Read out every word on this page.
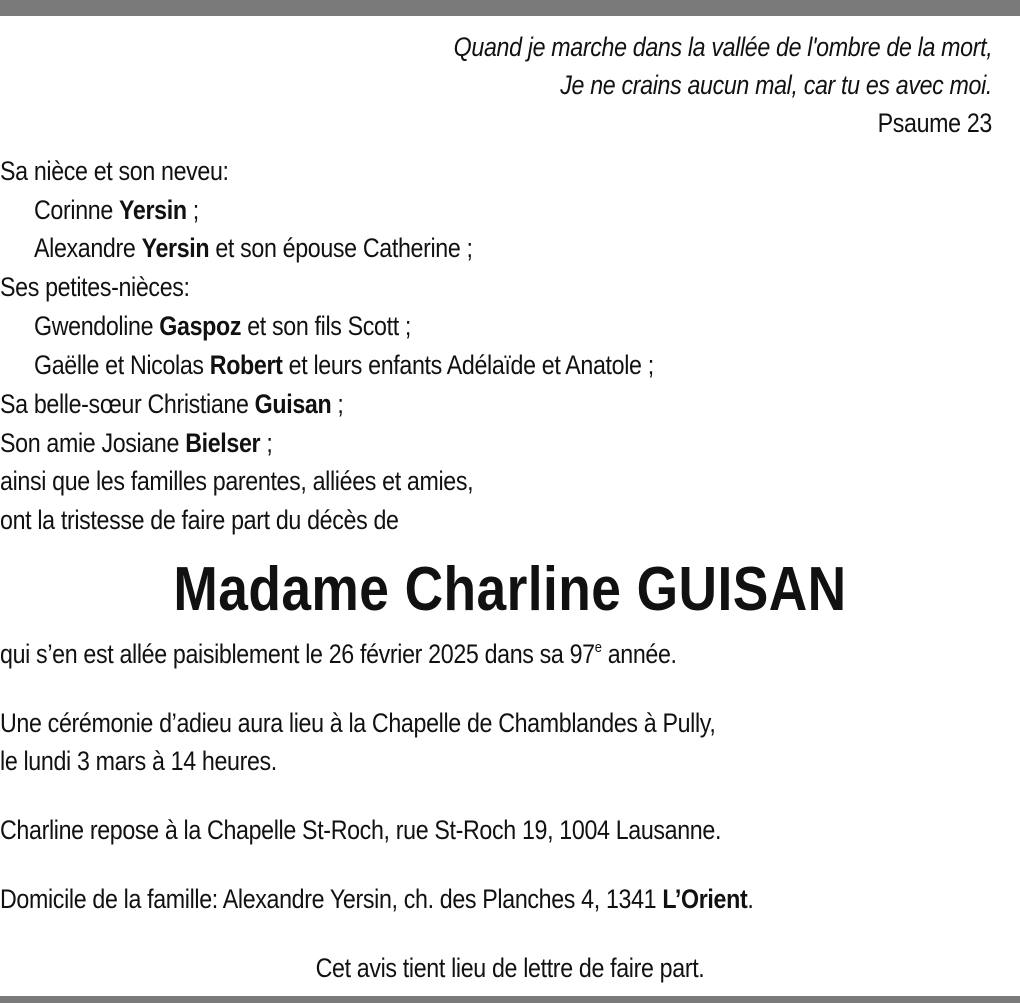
Quand je marche dans la vallée de l'ombre de la mort,
Je ne crains aucun mal, car tu es avec moi.
Psaume 23
Sa nièce et son neveu:
Corinne Yersin ;
Alexandre Yersin et son épouse Catherine ;
Ses petites-nièces:
Gwendoline Gaspoz et son fils Scott ;
Gaëlle et Nicolas Robert et leurs enfants Adélaïde et Anatole ;
Sa belle-sœur Christiane Guisan ;
Son amie Josiane Bielser ;
ainsi que les familles parentes, alliées et amies,
ont la tristesse de faire part du décès de
Madame Charline GUISAN
qui s’en est allée paisiblement le 26 février 2025 dans sa 97e année.
Une cérémonie d’adieu aura lieu à la Chapelle de Chamblandes à Pully,
le lundi 3 mars à 14 heures.
Charline repose à la Chapelle St-Roch, rue St-Roch 19, 1004 Lausanne.
Domicile de la famille: Alexandre Yersin, ch. des Planches 4, 1341 L’Orient.
Cet avis tient lieu de lettre de faire part.
